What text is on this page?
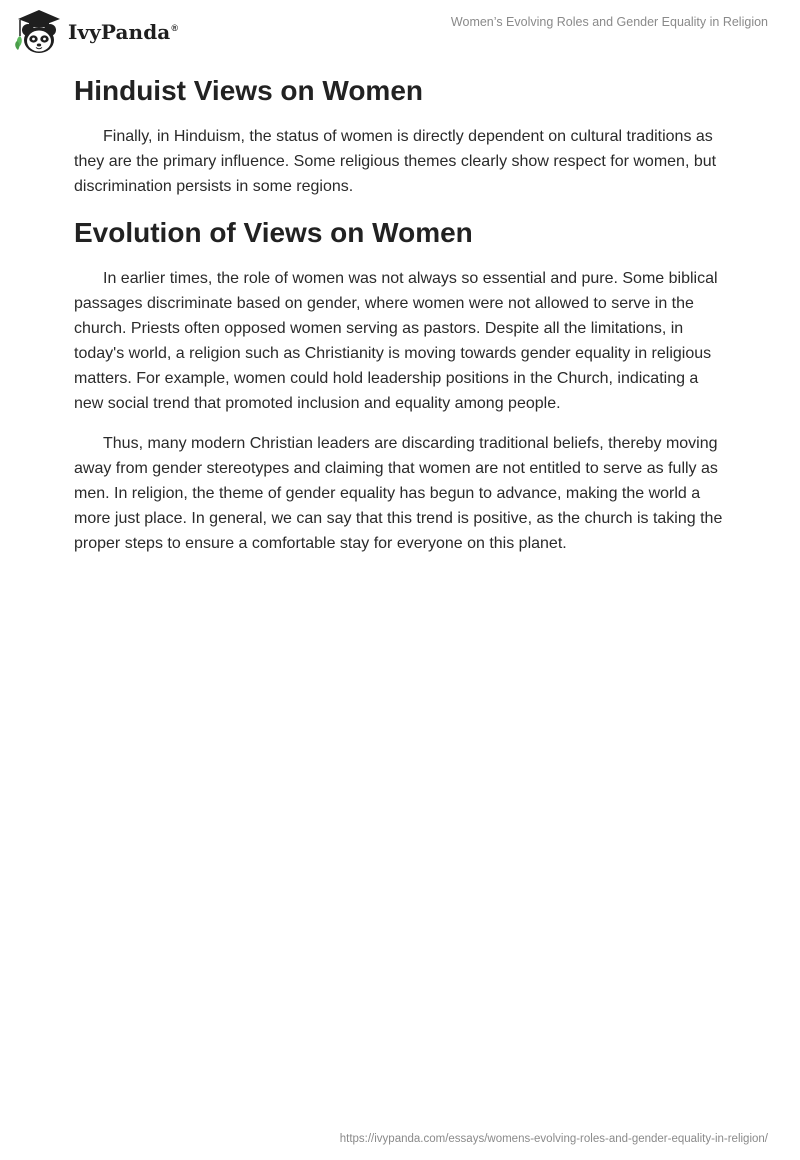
IvyPanda®	Women’s Evolving Roles and Gender Equality in Religion
Hinduist Views on Women

Finally, in Hinduism, the status of women is directly dependent on cultural traditions as they are the primary influence. Some religious themes clearly show respect for women, but discrimination persists in some regions.

Evolution of Views on Women

In earlier times, the role of women was not always so essential and pure. Some biblical passages discriminate based on gender, where women were not allowed to serve in the church. Priests often opposed women serving as pastors. Despite all the limitations, in today's world, a religion such as Christianity is moving towards gender equality in religious matters. For example, women could hold leadership positions in the Church, indicating a new social trend that promoted inclusion and equality among people.

Thus, many modern Christian leaders are discarding traditional beliefs, thereby moving away from gender stereotypes and claiming that women are not entitled to serve as fully as men. In religion, the theme of gender equality has begun to advance, making the world a more just place. In general, we can say that this trend is positive, as the church is taking the proper steps to ensure a comfortable stay for everyone on this planet.

https://ivypanda.com/essays/womens-evolving-roles-and-gender-equality-in-religion/
